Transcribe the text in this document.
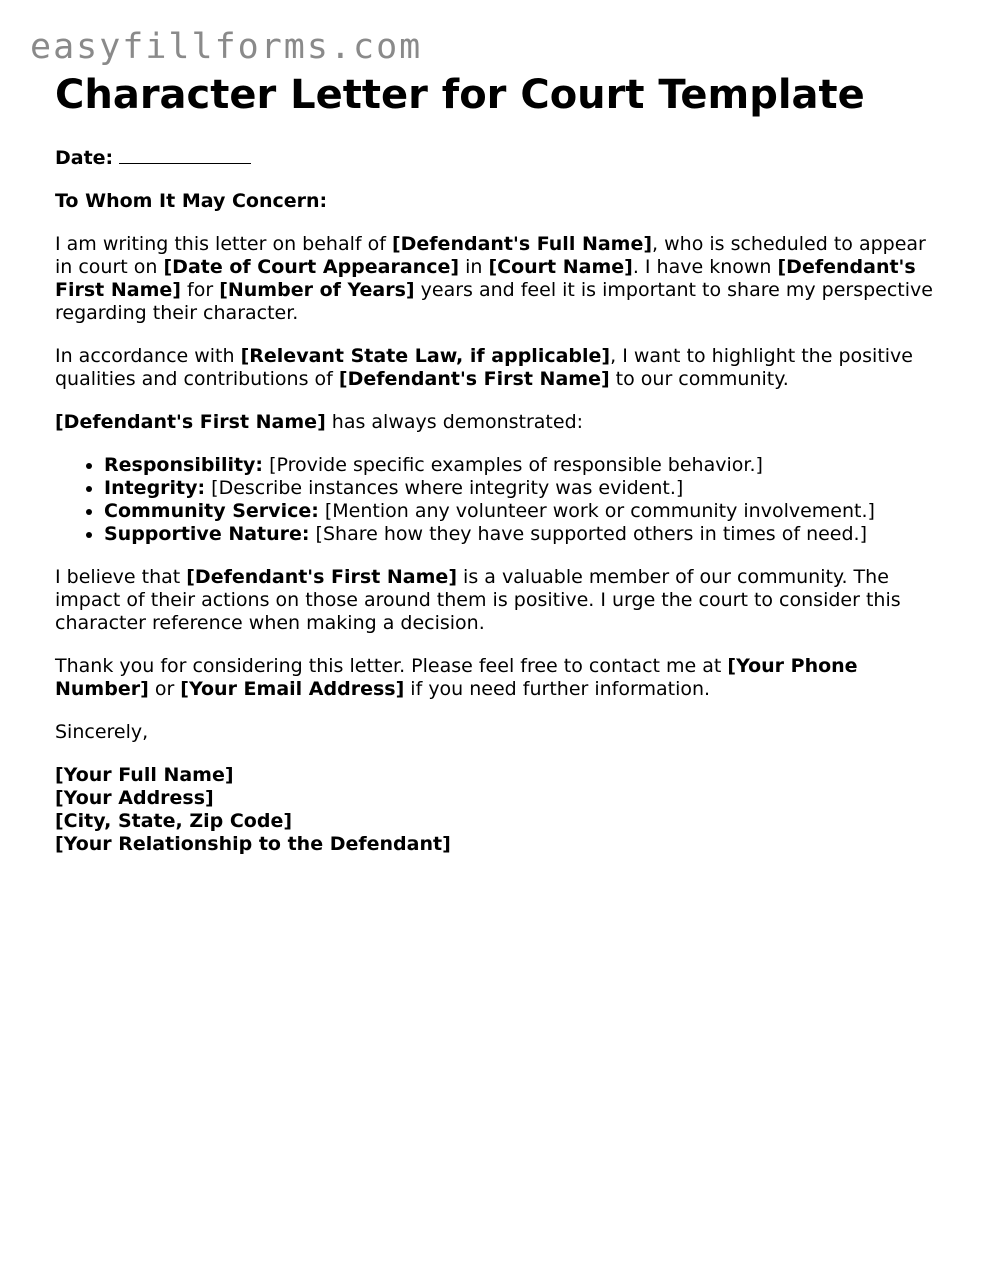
easyfillforms.com
Character Letter for Court Template
Date:

To Whom It May Concern:

I am writing this letter on behalf of [Defendant's Full Name], who is scheduled to appear in court on [Date of Court Appearance] in [Court Name]. I have known [Defendant's First Name] for [Number of Years] years and feel it is important to share my perspective regarding their character.

In accordance with [Relevant State Law, if applicable], I want to highlight the positive qualities and contributions of [Defendant's First Name] to our community.

[Defendant's First Name] has always demonstrated:

• Responsibility: [Provide specific examples of responsible behavior.]
• Integrity: [Describe instances where integrity was evident.]
• Community Service: [Mention any volunteer work or community involvement.]
• Supportive Nature: [Share how they have supported others in times of need.]

I believe that [Defendant's First Name] is a valuable member of our community. The impact of their actions on those around them is positive. I urge the court to consider this character reference when making a decision.

Thank you for considering this letter. Please feel free to contact me at [Your Phone Number] or [Your Email Address] if you need further information.

Sincerely,

[Your Full Name]
[Your Address]
[City, State, Zip Code]
[Your Relationship to the Defendant]
